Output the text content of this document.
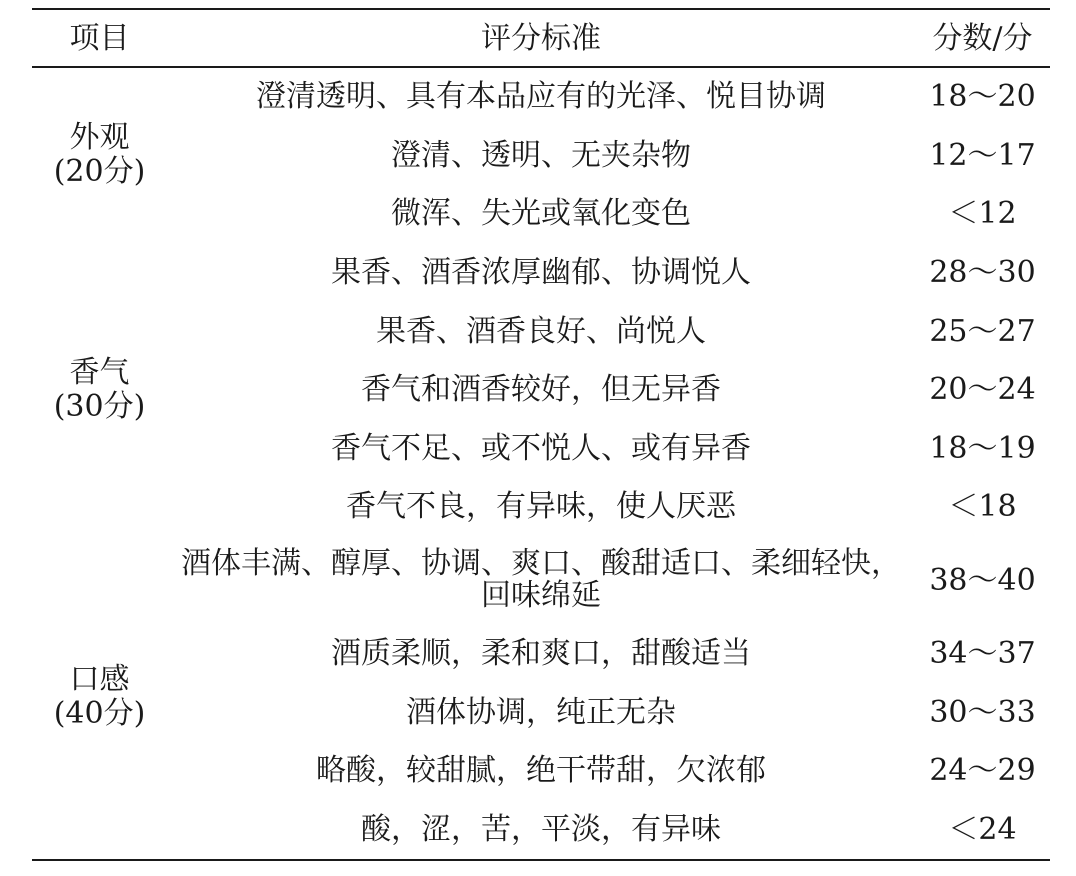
项目	评分标准	分数/分
外观
(20分)	澄清透明、具有本品应有的光泽、悦目协调	18～20
	澄清、透明、无夹杂物	12～17
	微浑、失光或氧化变色	＜12

香气
(30分)	果香、酒香浓厚幽郁、协调悦人	28～30
	果香、酒香良好、尚悦人	25～27
	香气和酒香较好，但无异香	20～24
	香气不足、或不悦人、或有异香	18～19
	香气不良，有异味，使人厌恶	＜18

口感
(40分)	酒体丰满、醇厚、协调、爽口、酸甜适口、柔细轻快，回味绵延	38～40
	酒质柔顺，柔和爽口，甜酸适当	34～37
	酒体协调，纯正无杂	30～33
	略酸，较甜腻，绝干带甜，欠浓郁	24～29
	酸，涩，苦，平淡，有异味	＜24
